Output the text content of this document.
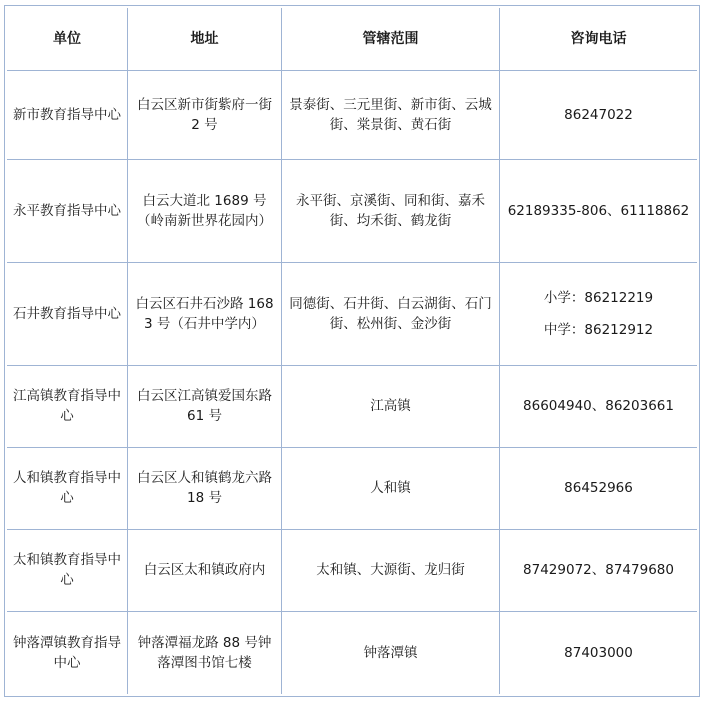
单位	地址	管辖范围	咨询电话
新市教育指导中心	白云区新市街紫府一街 2 号	景泰街、三元里街、新市街、云城街、棠景街、黄石街	86247022

永平教育指导中心	白云大道北 1689 号（岭南新世界花园内）	永平街、京溪街、同和街、嘉禾街、均禾街、鹤龙街	62189335-806、61118862

石井教育指导中心	白云区石井石沙路 1683 号（石井中学内）	同德街、石井街、白云湖街、石门街、松州街、金沙街	小学：86212219
中学：86212912

江高镇教育指导中心	白云区江高镇爱国东路 61 号	江高镇	86604940、86203661

人和镇教育指导中心	白云区人和镇鹤龙六路 18 号	人和镇	86452966

太和镇教育指导中心	白云区太和镇政府内	太和镇、大源街、龙归街	87429072、87479680

钟落潭镇教育指导中心	钟落潭福龙路 88 号钟落潭图书馆七楼	钟落潭镇	87403000
